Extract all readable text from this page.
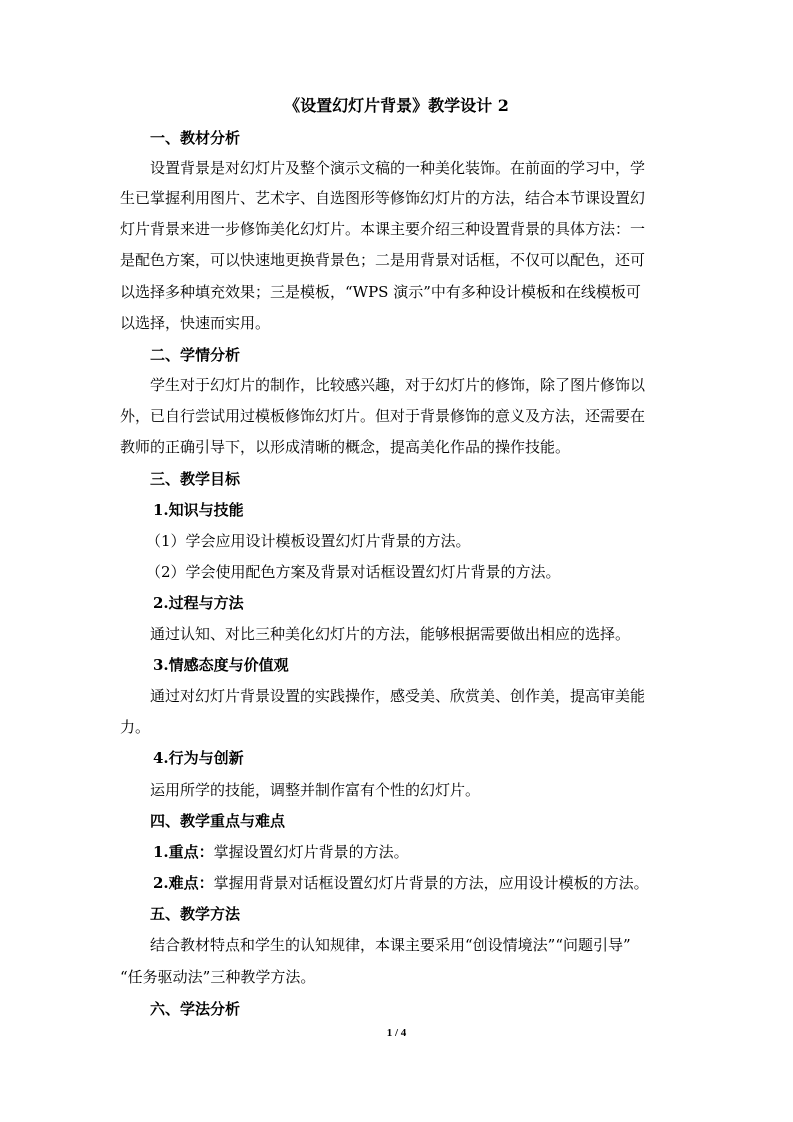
《设置幻灯片背景》教学设计 2
一、教材分析
设置背景是对幻灯片及整个演示文稿的一种美化装饰。在前面的学习中，学
生已掌握利用图片、艺术字、自选图形等修饰幻灯片的方法，结合本节课设置幻
灯片背景来进一步修饰美化幻灯片。本课主要介绍三种设置背景的具体方法：一
是配色方案，可以快速地更换背景色；二是用背景对话框，不仅可以配色，还可
以选择多种填充效果；三是模板，“WPS 演示”中有多种设计模板和在线模板可
以选择，快速而实用。
二、学情分析
学生对于幻灯片的制作，比较感兴趣，对于幻灯片的修饰，除了图片修饰以
外，已自行尝试用过模板修饰幻灯片。但对于背景修饰的意义及方法，还需要在
教师的正确引导下，以形成清晰的概念，提高美化作品的操作技能。
三、教学目标
1.知识与技能
（1）学会应用设计模板设置幻灯片背景的方法。
（2）学会使用配色方案及背景对话框设置幻灯片背景的方法。
2.过程与方法
通过认知、对比三种美化幻灯片的方法，能够根据需要做出相应的选择。
3.情感态度与价值观
通过对幻灯片背景设置的实践操作，感受美、欣赏美、创作美，提高审美能
力。
4.行为与创新
运用所学的技能，调整并制作富有个性的幻灯片。
四、教学重点与难点
1.重点：掌握设置幻灯片背景的方法。
2.难点：掌握用背景对话框设置幻灯片背景的方法，应用设计模板的方法。
五、教学方法
结合教材特点和学生的认知规律，本课主要采用“创设情境法”“问题引导”
“任务驱动法”三种教学方法。
六、学法分析
1 / 4
